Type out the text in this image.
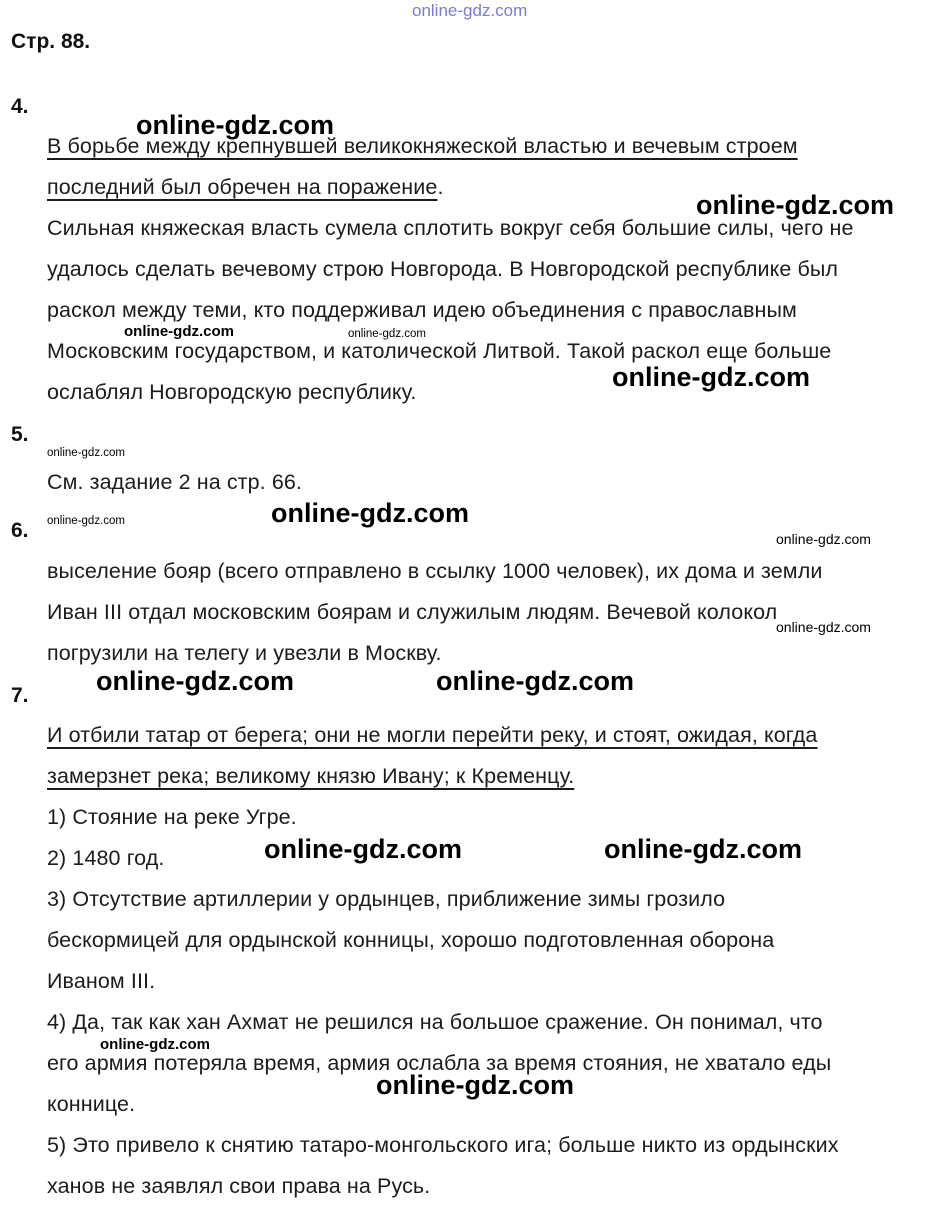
online-gdz.com
Стр. 88.
4.
В борьбе между крепнувшей великокняжеской властью и вечевым строем
последний был обречен на поражение.
Сильная княжеская власть сумела сплотить вокруг себя большие силы, чего не
удалось сделать вечевому строю Новгорода. В Новгородской республике был
раскол между теми, кто поддерживал идею объединения с православным
Московским государством, и католической Литвой. Такой раскол еще больше
ослаблял Новгородскую республику.
5.
См. задание 2 на стр. 66.
6.
выселение бояр (всего отправлено в ссылку 1000 человек), их дома и земли
Иван III отдал московским боярам и служилым людям. Вечевой колокол
погрузили на телегу и увезли в Москву.
7.
И отбили татар от берега; они не могли перейти реку, и стоят, ожидая, когда
замерзнет река; великому князю Ивану; к Кременцу.
1) Стояние на реке Угре.
2) 1480 год.
3) Отсутствие артиллерии у ордынцев, приближение зимы грозило
бескормицей для ордынской конницы, хорошо подготовленная оборона
Иваном III.
4) Да, так как хан Ахмат не решился на большое сражение. Он понимал, что
его армия потеряла время, армия ослабла за время стояния, не хватало еды
коннице.
5) Это привело к снятию татаро-монгольского ига; больше никто из ордынских
ханов не заявлял свои права на Русь.
online-gdz.com
online-gdz.com
online-gdz.com	online-gdz.com
online-gdz.com
online-gdz.com
online-gdz.com	online-gdz.com
online-gdz.com
online-gdz.com
online-gdz.com	online-gdz.com
online-gdz.com	online-gdz.com
online-gdz.com
online-gdz.com
